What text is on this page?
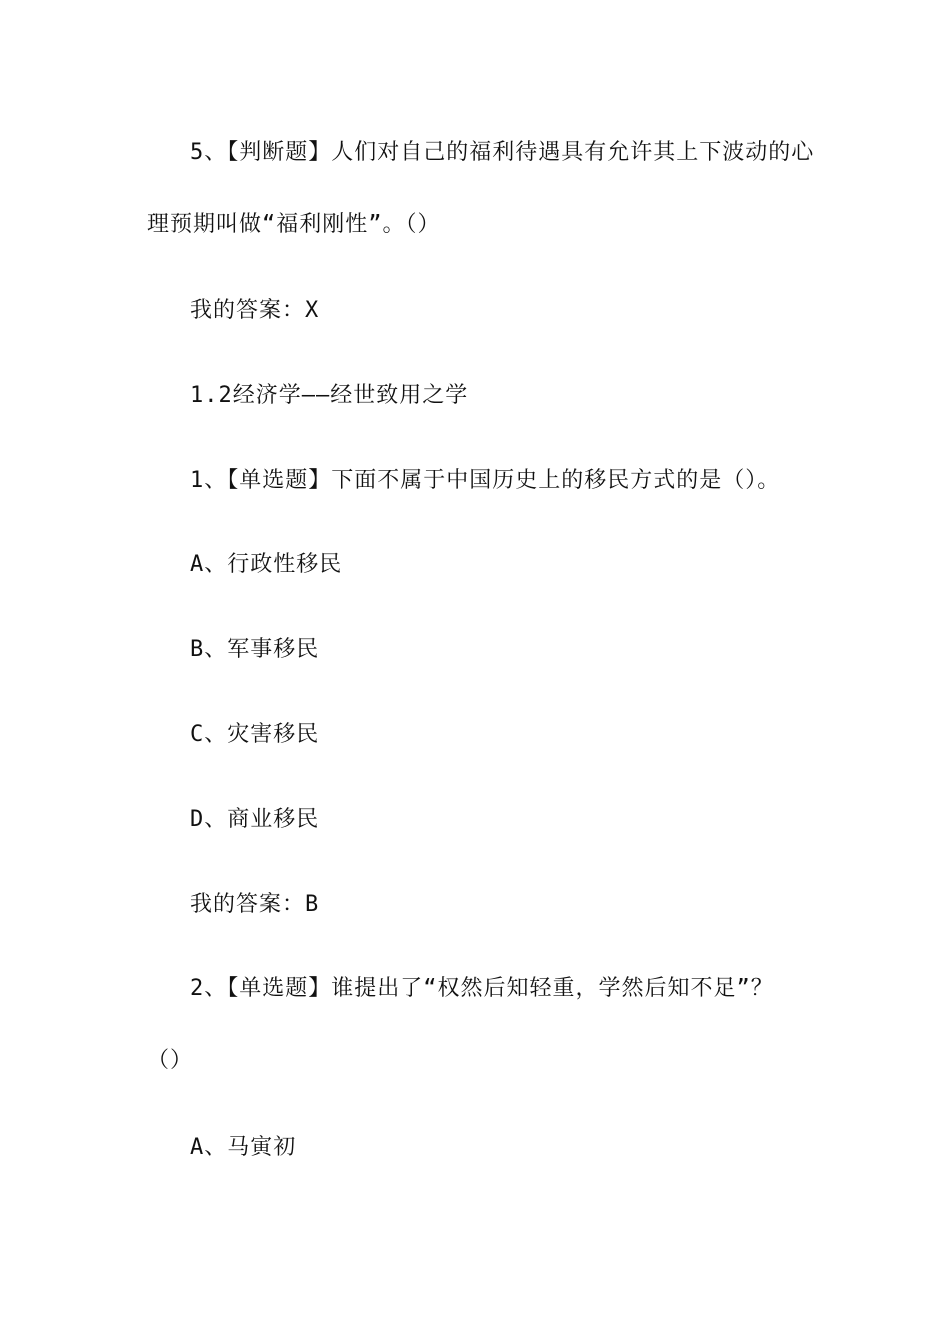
5、【判断题】人们对自己的福利待遇具有允许其上下波动的心
理预期叫做“福利刚性”。（）
我的答案：X
1.2经济学——经世致用之学
1、【单选题】下面不属于中国历史上的移民方式的是（）。
A、行政性移民
B、军事移民
C、灾害移民
D、商业移民
我的答案：B
2、【单选题】谁提出了“权然后知轻重，学然后知不足”？
（）
A、马寅初
